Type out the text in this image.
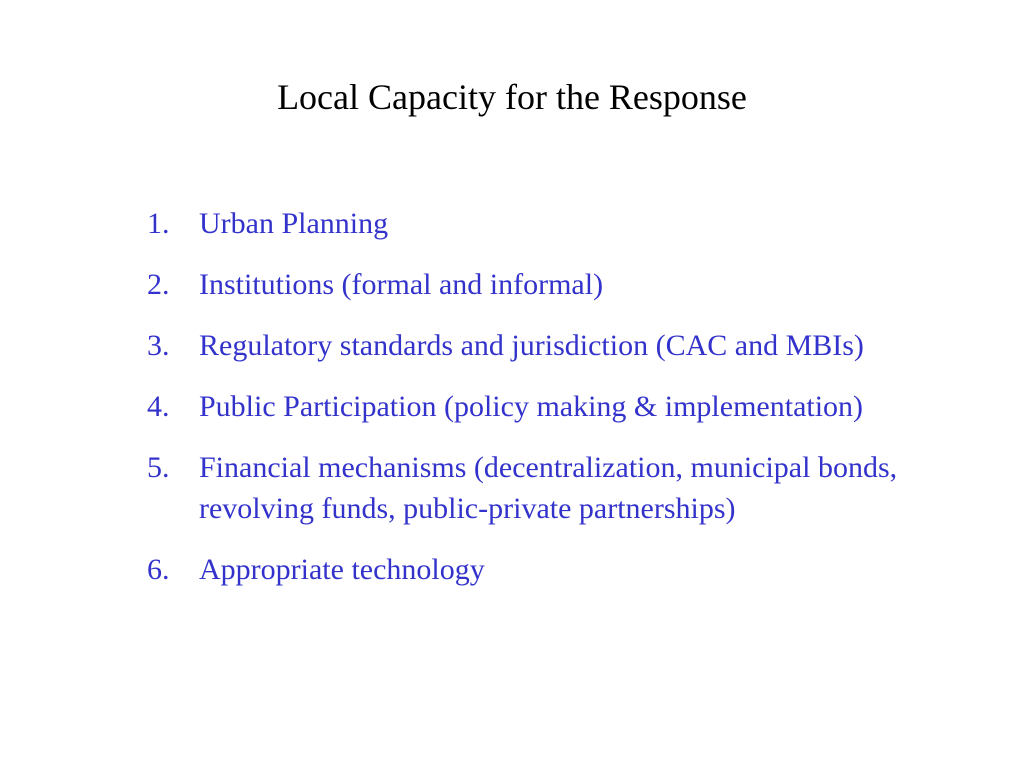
Local Capacity for the Response
1. Urban Planning
2. Institutions (formal and informal)
3. Regulatory standards and jurisdiction (CAC and MBIs)
4. Public Participation (policy making & implementation)
5. Financial mechanisms (decentralization, municipal bonds, revolving funds, public-private partnerships)
6. Appropriate technology
